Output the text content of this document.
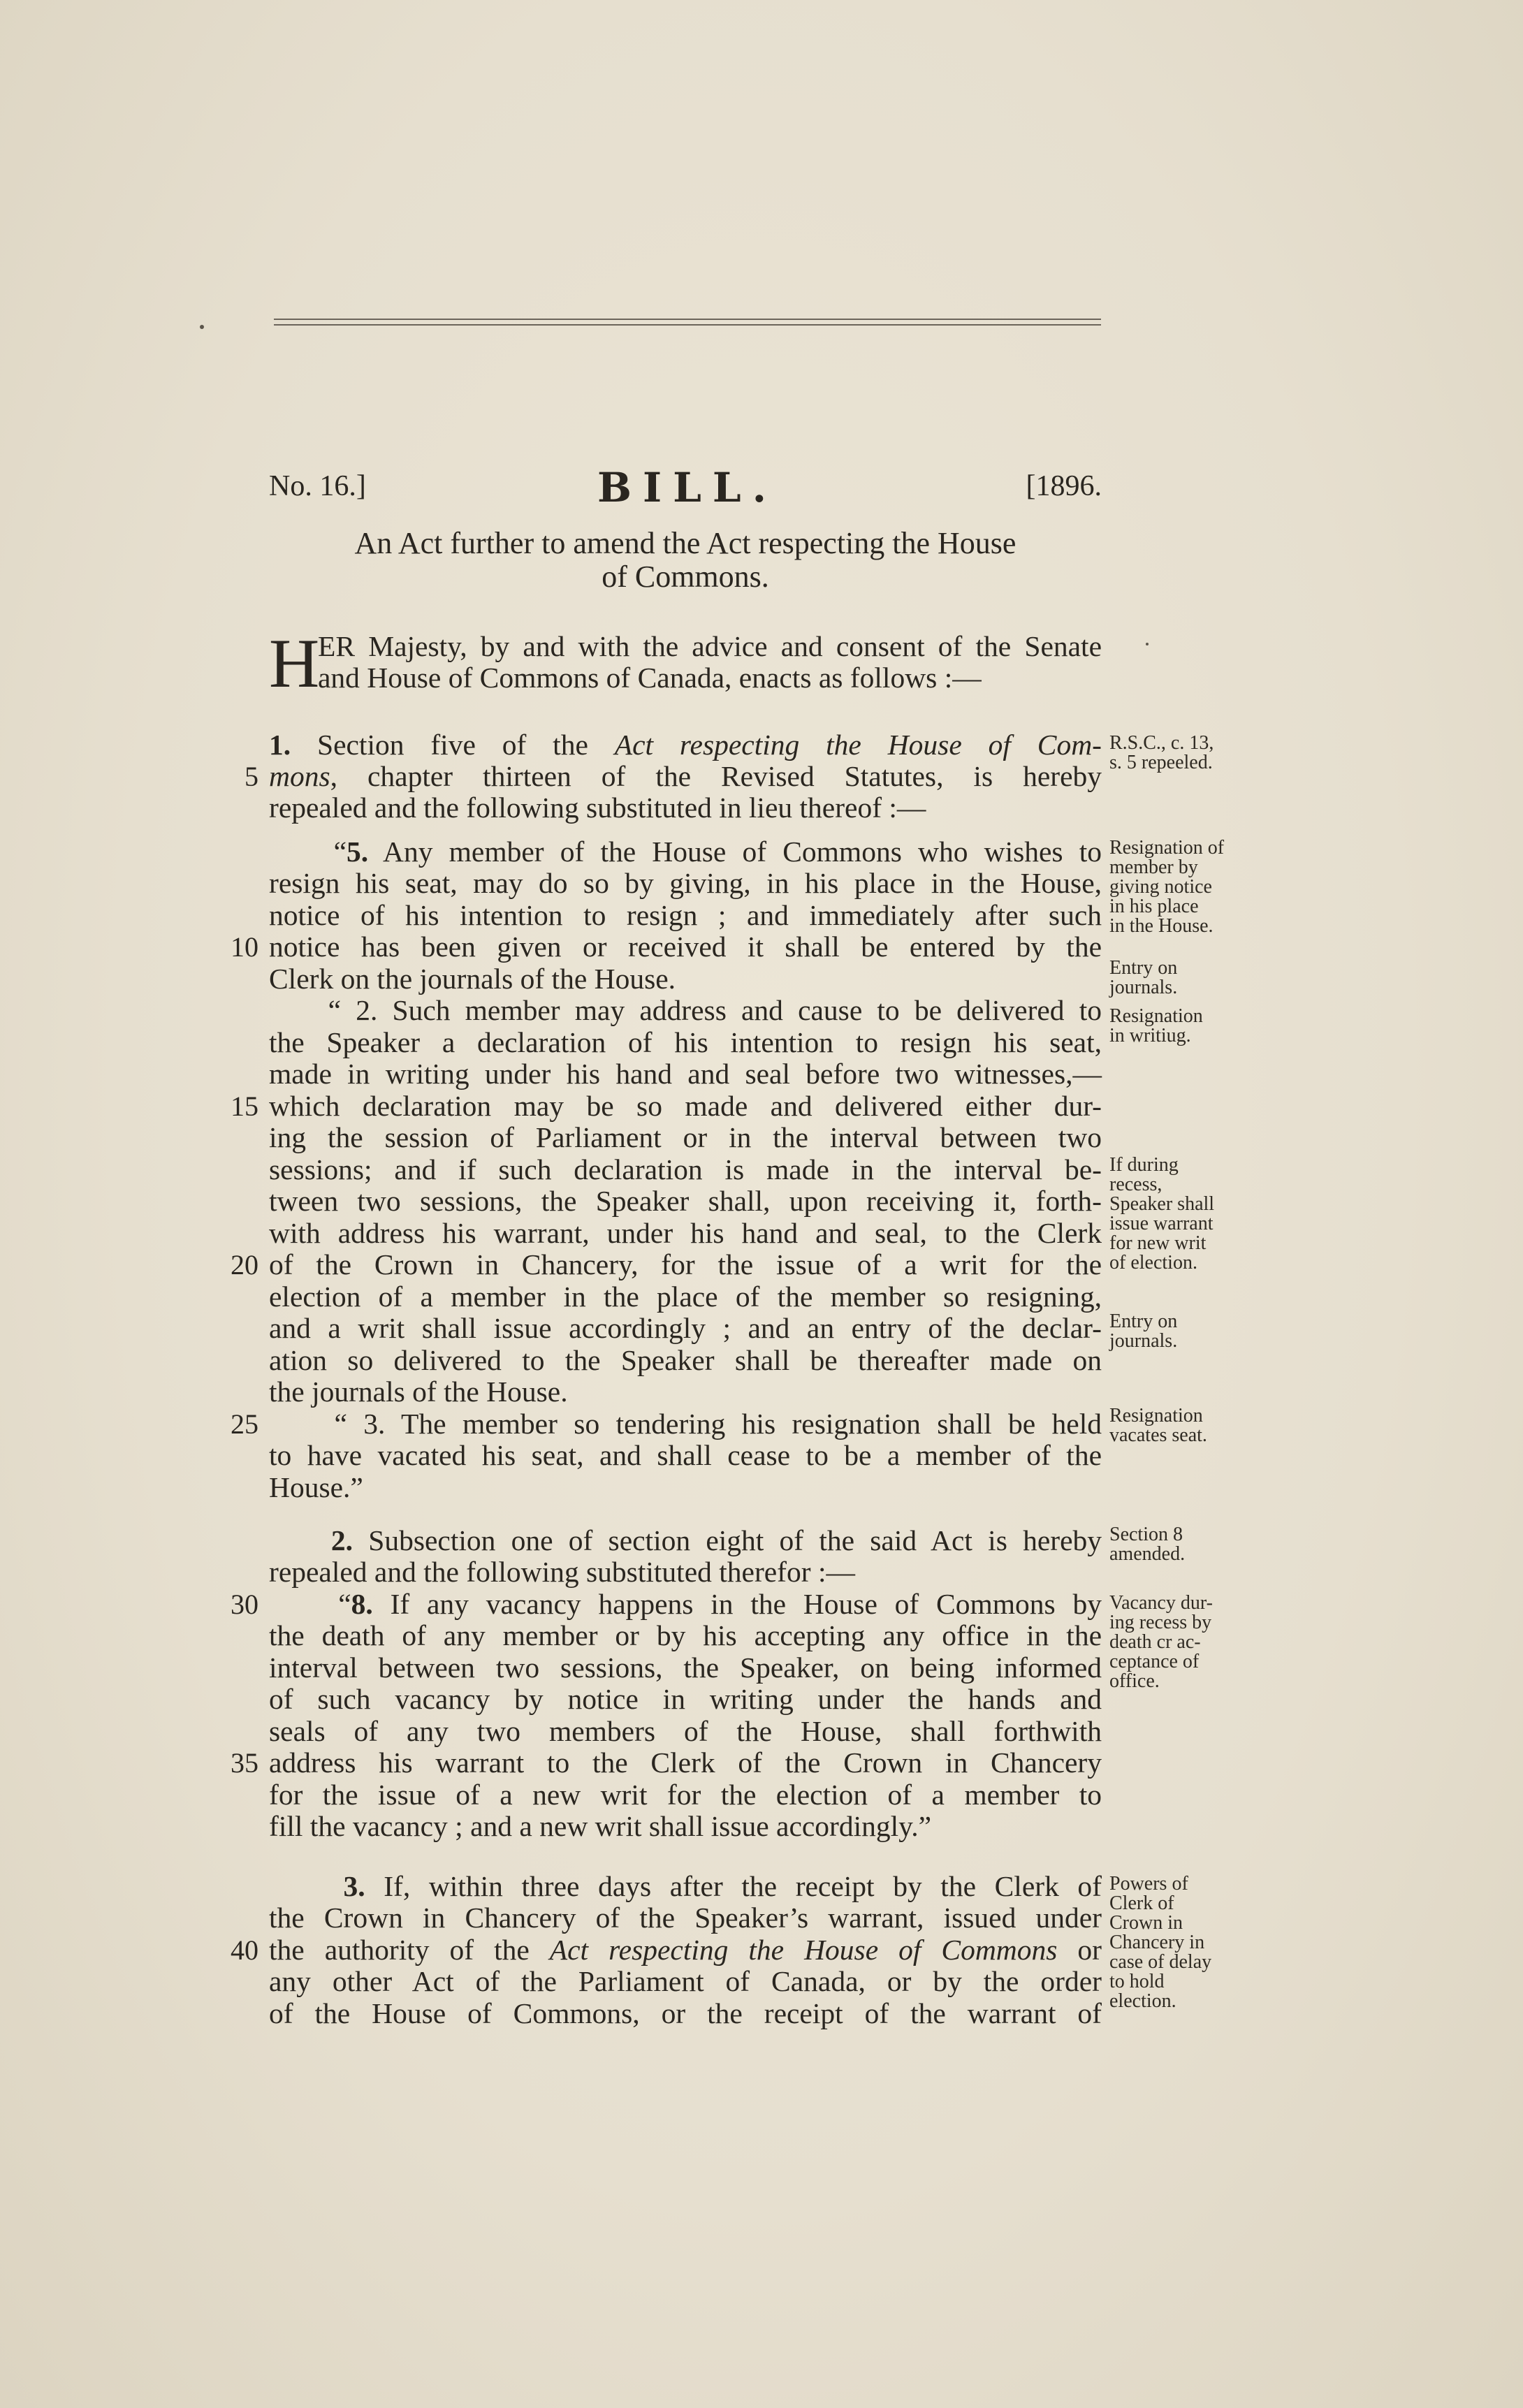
No. 16.]	BILL.	[1896.
An Act further to amend the Act respecting the House
of Commons.
H
ER Majesty, by and with the advice and consent of the Senate
and House of Commons of Canada, enacts as follows :—
1. Section five of the Act respecting the House of Com-
mons, chapter thirteen of the Revised Statutes, is hereby
repealed and the following substituted in lieu thereof :—
“5. Any member of the House of Commons who wishes to
resign his seat, may do so by giving, in his place in the House,
notice of his intention to resign ; and immediately after such
notice has been given or received it shall be entered by the
Clerk on the journals of the House.
“ 2. Such member may address and cause to be delivered to
the Speaker a declaration of his intention to resign his seat,
made in writing under his hand and seal before two witnesses,—
which declaration may be so made and delivered either dur-
ing the session of Parliament or in the interval between two
sessions; and if such declaration is made in the interval be-
tween two sessions, the Speaker shall, upon receiving it, forth-
with address his warrant, under his hand and seal, to the Clerk
of the Crown in Chancery, for the issue of a writ for the
election of a member in the place of the member so resigning,
and a writ shall issue accordingly ; and an entry of the declar-
ation so delivered to the Speaker shall be thereafter made on
the journals of the House.
“ 3. The member so tendering his resignation shall be held
to have vacated his seat, and shall cease to be a member of the
House.”
2. Subsection one of section eight of the said Act is hereby
repealed and the following substituted therefor :—
“8. If any vacancy happens in the House of Commons by
the death of any member or by his accepting any office in the
interval between two sessions, the Speaker, on being informed
of such vacancy by notice in writing under the hands and
seals of any two members of the House, shall forthwith
address his warrant to the Clerk of the Crown in Chancery
for the issue of a new writ for the election of a member to
fill the vacancy ; and a new writ shall issue accordingly.”
3. If, within three days after the receipt by the Clerk of
the Crown in Chancery of the Speaker’s warrant, issued under
the authority of the Act respecting the House of Commons or
any other Act of the Parliament of Canada, or by the order
of the House of Commons, or the receipt of the warrant of
5
10
15
20
25
30
35
40
R.S.C., c. 13,
s. 5 repeeled.
Resignation of
member by
giving notice
in his place
in the House.
Entry on
journals.
Resignation
in writiug.
If during
recess,
Speaker shall
issue warrant
for new writ
of election.
Entry on
journals.
Resignation
vacates seat.
Section 8
amended.
Vacancy dur-
ing recess by
death cr ac-
ceptance of
office.
Powers of
Clerk of
Crown in
Chancery in
case of delay
to hold
election.
